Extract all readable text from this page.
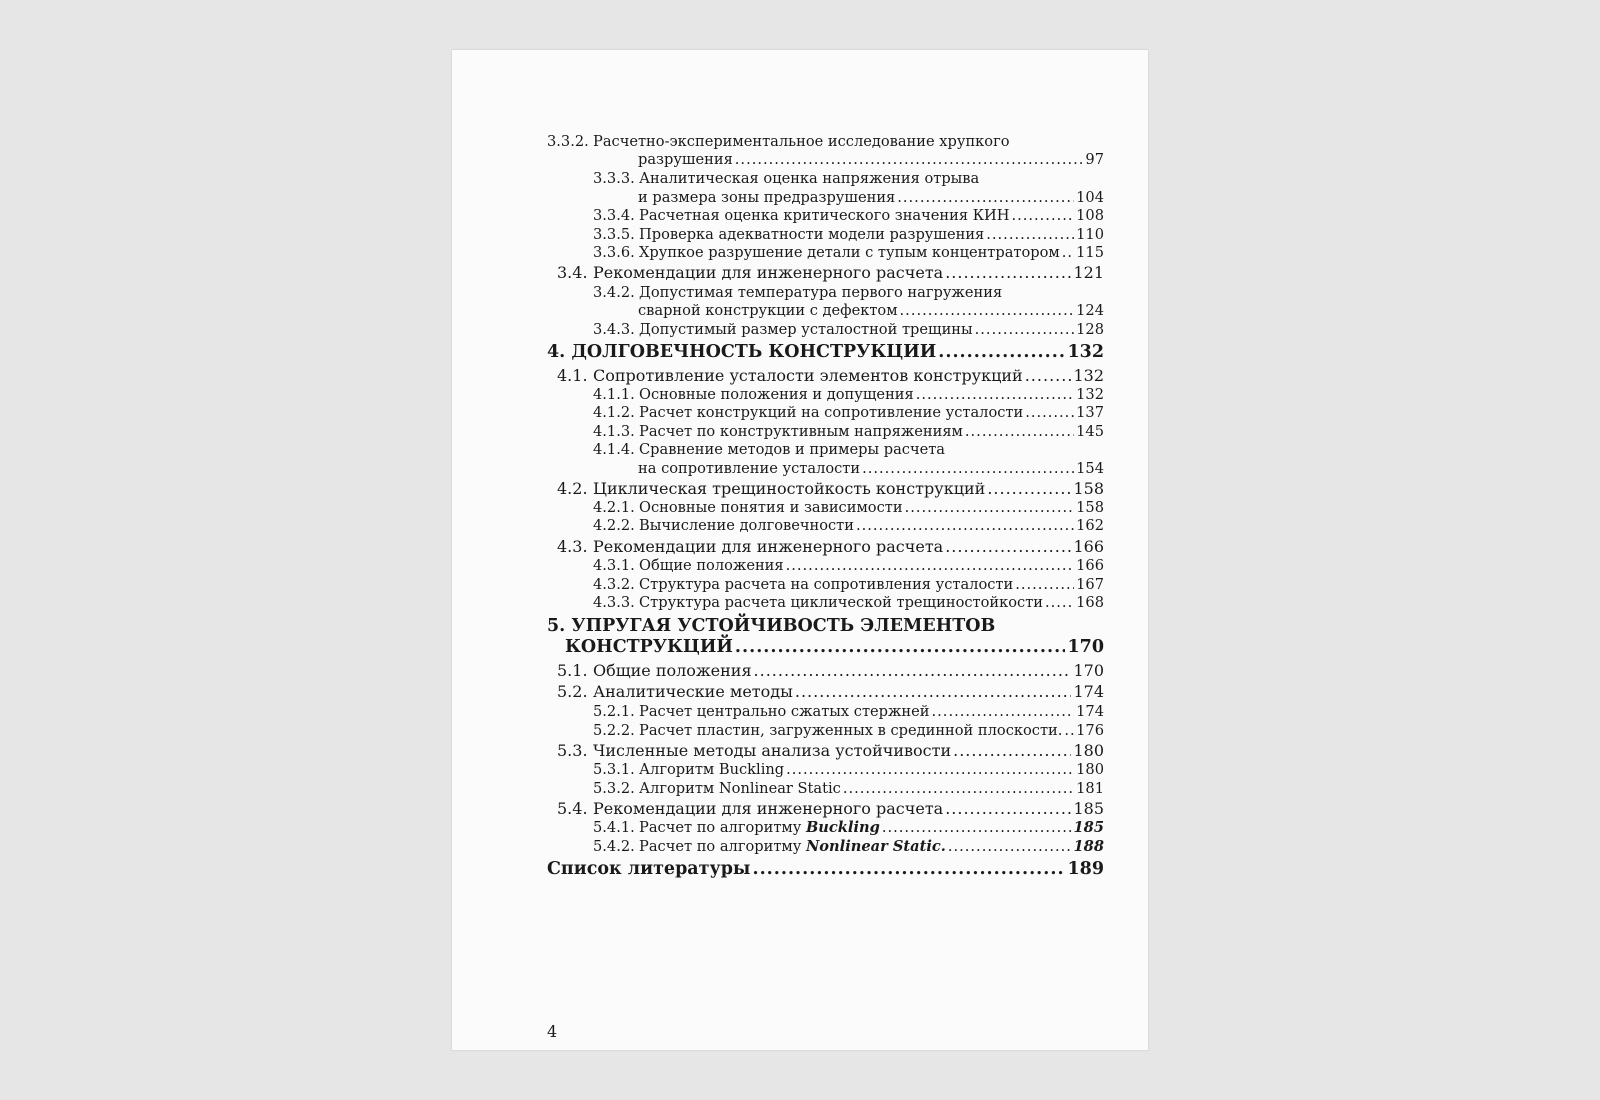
3.3.2. Расчетно-экспериментальное исследование хрупкого
разрушения .....	97
3.3.3. Аналитическая оценка напряжения отрыва
и размера зоны предразрушения .....	104
3.3.4. Расчетная оценка критического значения КИН .....	108
3.3.5. Проверка адекватности модели разрушения .....	110
3.3.6. Хрупкое разрушение детали с тупым концентратором ..... 115
3.4. Рекомендации для инженерного расчета .....	121
3.4.2. Допустимая температура первого нагружения
сварной конструкции с дефектом .....	124
3.4.3. Допустимый размер усталостной трещины .....	128
4. ДОЛГОВЕЧНОСТЬ КОНСТРУКЦИИ .....	132
4.1. Сопротивление усталости элементов конструкций .....	132
4.1.1. Основные положения и допущения .....	132
4.1.2. Расчет конструкций на сопротивление усталости .....	137
4.1.3. Расчет по конструктивным напряжениям .....	145
4.1.4. Сравнение методов и примеры расчета
на сопротивление усталости .....	154
4.2. Циклическая трещиностойкость конструкций .....	158
4.2.1. Основные понятия и зависимости .....	158
4.2.2. Вычисление долговечности .....	162
4.3. Рекомендации для инженерного расчета .....	166
4.3.1. Общие положения .....	166
4.3.2. Структура расчета на сопротивления усталости .....	167
4.3.3. Структура расчета циклической трещиностойкости ..... 168
5. УПРУГАЯ УСТОЙЧИВОСТЬ ЭЛЕМЕНТОВ
КОНСТРУКЦИЙ .....	170
5.1. Общие положения .....	170
5.2. Аналитические методы .....	174
5.2.1. Расчет центрально сжатых стержней .....	174
5.2.2. Расчет пластин, загруженных в срединной плоскости. ..... 176
5.3. Численные методы анализа устойчивости .....	180
5.3.1. Алгоритм Buckling .....	180
5.3.2. Алгоритм Nonlinear Static .....	181
5.4. Рекомендации для инженерного расчета .....	185
5.4.1. Расчет по алгоритму Buckling .....	185
5.4.2. Расчет по алгоритму Nonlinear Static. .....	188
Список литературы .....	189
4
